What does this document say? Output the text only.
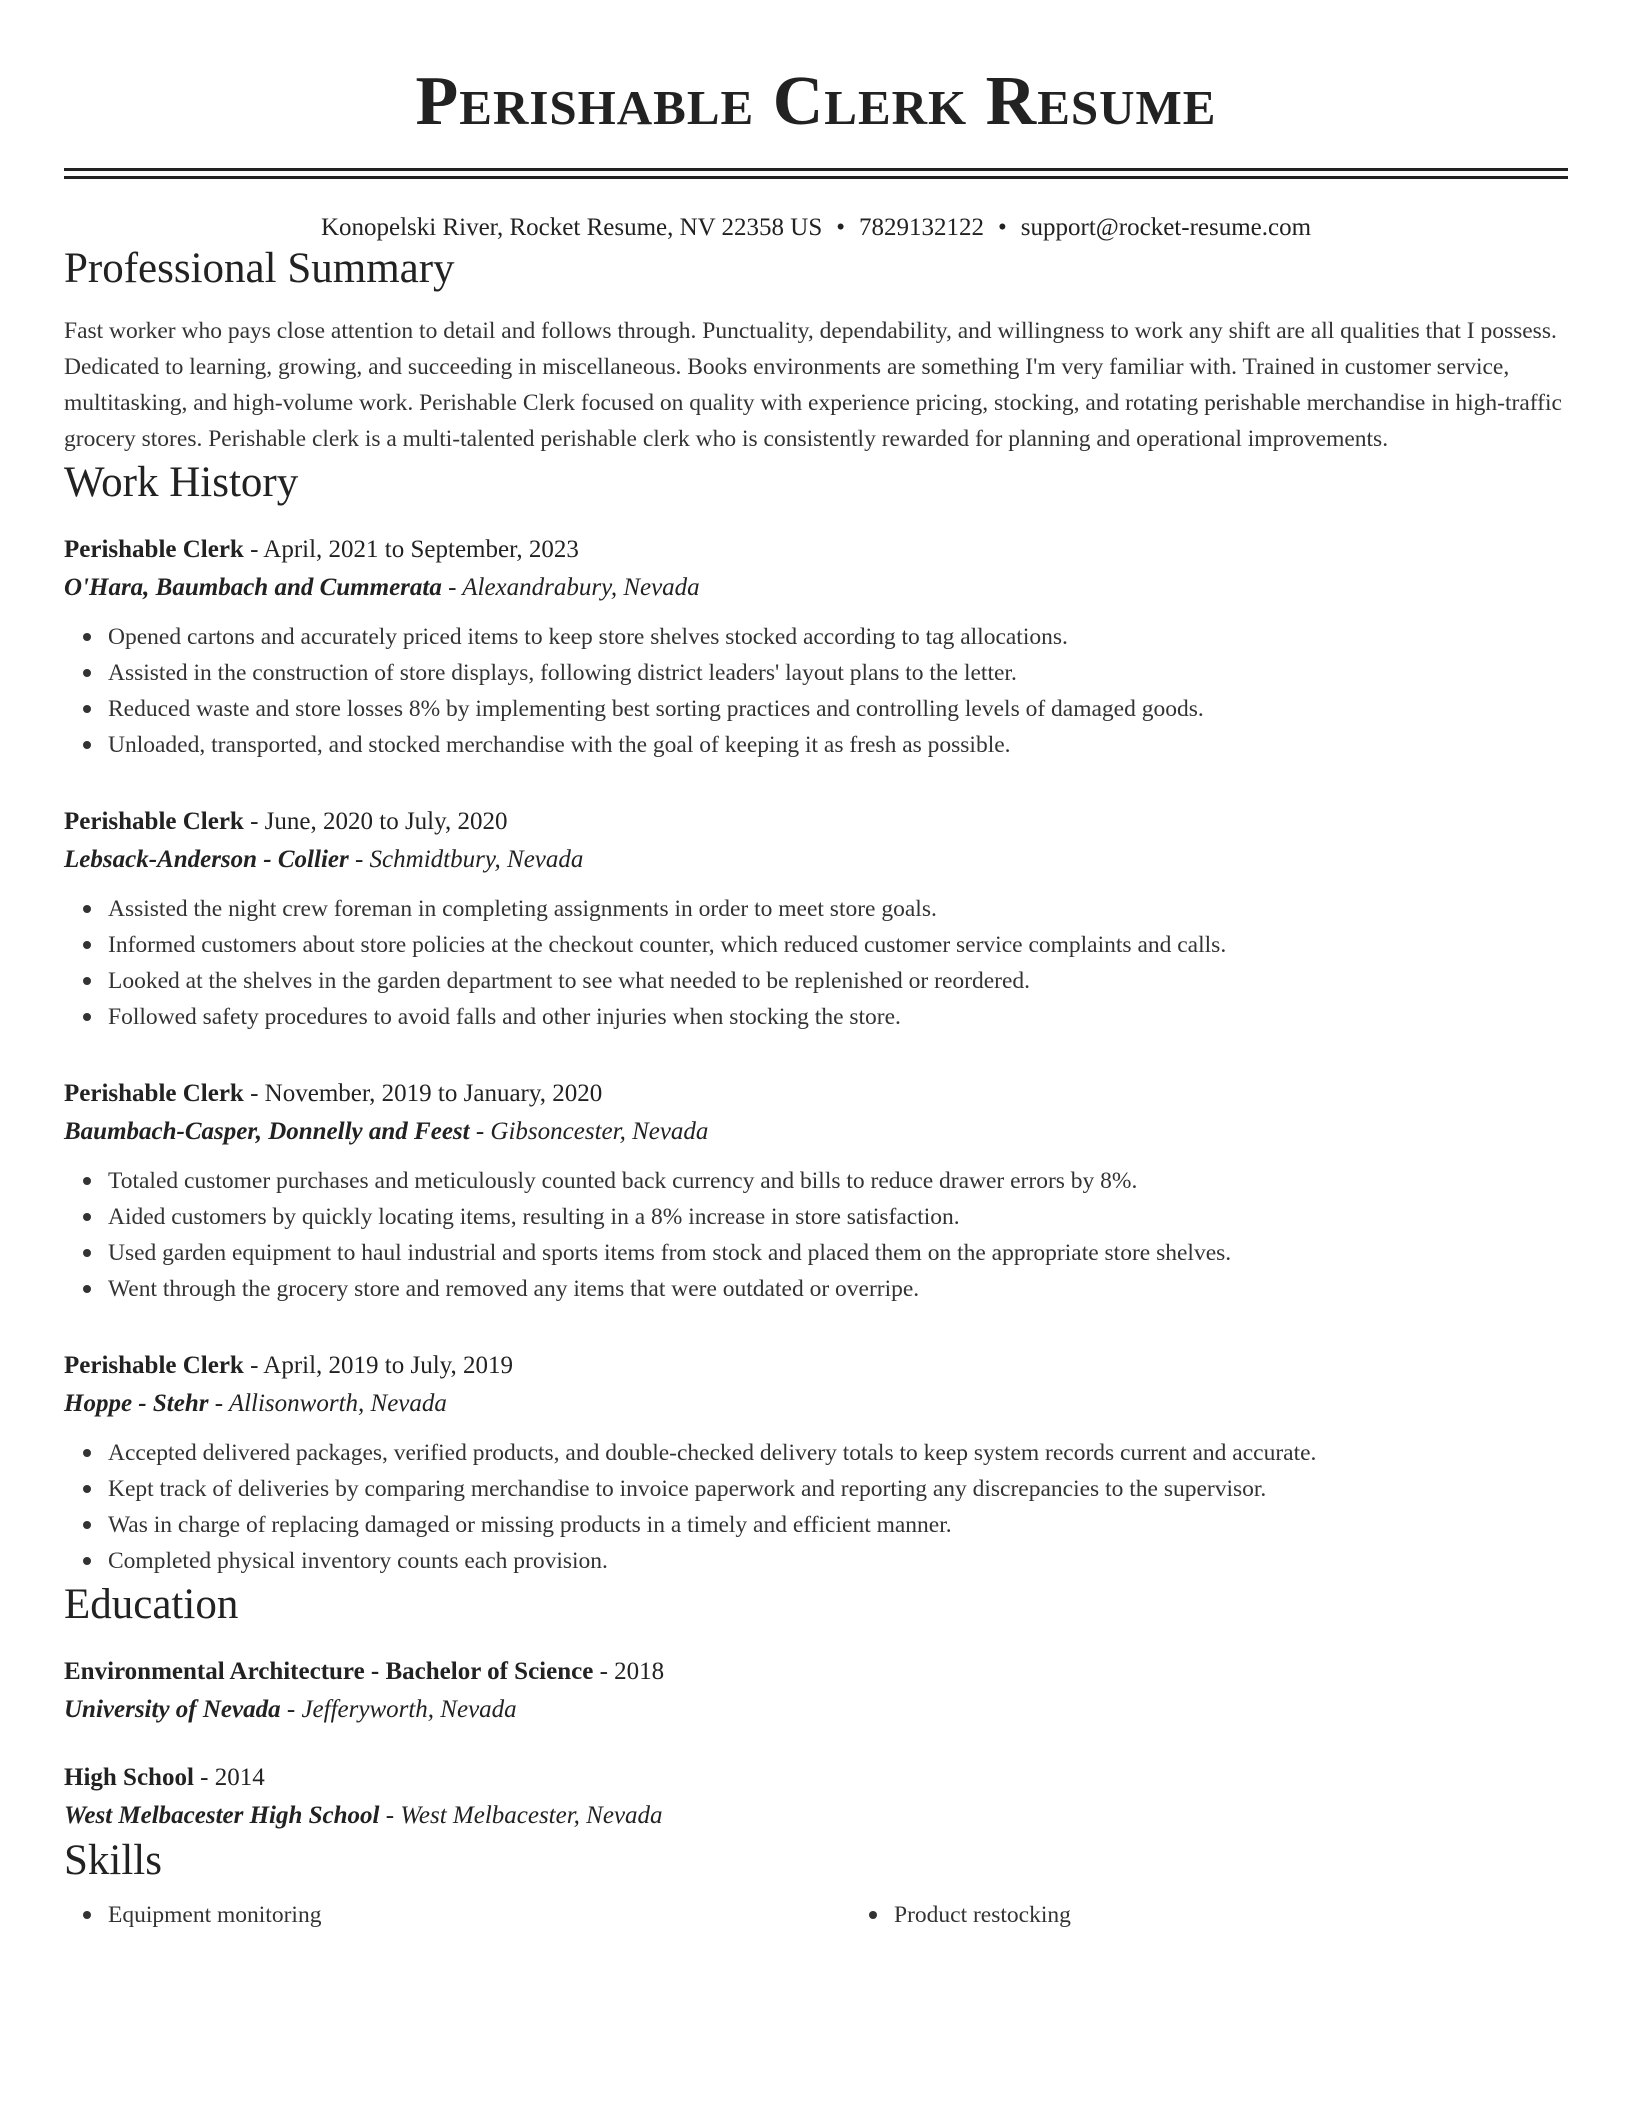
Perishable Clerk Resume
Konopelski River, Rocket Resume, NV 22358 US • 7829132122 • support@rocket-resume.com
Professional Summary

Fast worker who pays close attention to detail and follows through. Punctuality, dependability, and willingness to work any shift are all qualities that I possess. Dedicated to learning, growing, and succeeding in miscellaneous. Books environments are something I'm very familiar with. Trained in customer service, multitasking, and high-volume work. Perishable Clerk focused on quality with experience pricing, stocking, and rotating perishable merchandise in high-traffic grocery stores. Perishable clerk is a multi-talented perishable clerk who is consistently rewarded for planning and operational improvements.

Work History
Perishable Clerk - April, 2021 to September, 2023
O'Hara, Baumbach and Cummerata - Alexandrabury, Nevada
Opened cartons and accurately priced items to keep store shelves stocked according to tag allocations.
Assisted in the construction of store displays, following district leaders' layout plans to the letter.
Reduced waste and store losses 8% by implementing best sorting practices and controlling levels of damaged goods.
Unloaded, transported, and stocked merchandise with the goal of keeping it as fresh as possible.
Perishable Clerk - June, 2020 to July, 2020
Lebsack-Anderson - Collier - Schmidtbury, Nevada
Assisted the night crew foreman in completing assignments in order to meet store goals.
Informed customers about store policies at the checkout counter, which reduced customer service complaints and calls.
Looked at the shelves in the garden department to see what needed to be replenished or reordered.
Followed safety procedures to avoid falls and other injuries when stocking the store.
Perishable Clerk - November, 2019 to January, 2020
Baumbach-Casper, Donnelly and Feest - Gibsoncester, Nevada
Totaled customer purchases and meticulously counted back currency and bills to reduce drawer errors by 8%.
Aided customers by quickly locating items, resulting in a 8% increase in store satisfaction.
Used garden equipment to haul industrial and sports items from stock and placed them on the appropriate store shelves.
Went through the grocery store and removed any items that were outdated or overripe.
Perishable Clerk - April, 2019 to July, 2019
Hoppe - Stehr - Allisonworth, Nevada
Accepted delivered packages, verified products, and double-checked delivery totals to keep system records current and accurate.
Kept track of deliveries by comparing merchandise to invoice paperwork and reporting any discrepancies to the supervisor.
Was in charge of replacing damaged or missing products in a timely and efficient manner.
Completed physical inventory counts each provision.
Education
Environmental Architecture - Bachelor of Science - 2018
University of Nevada - Jefferyworth, Nevada
High School - 2014
West Melbacester High School - West Melbacester, Nevada
Skills
Equipment monitoring	Product restocking
